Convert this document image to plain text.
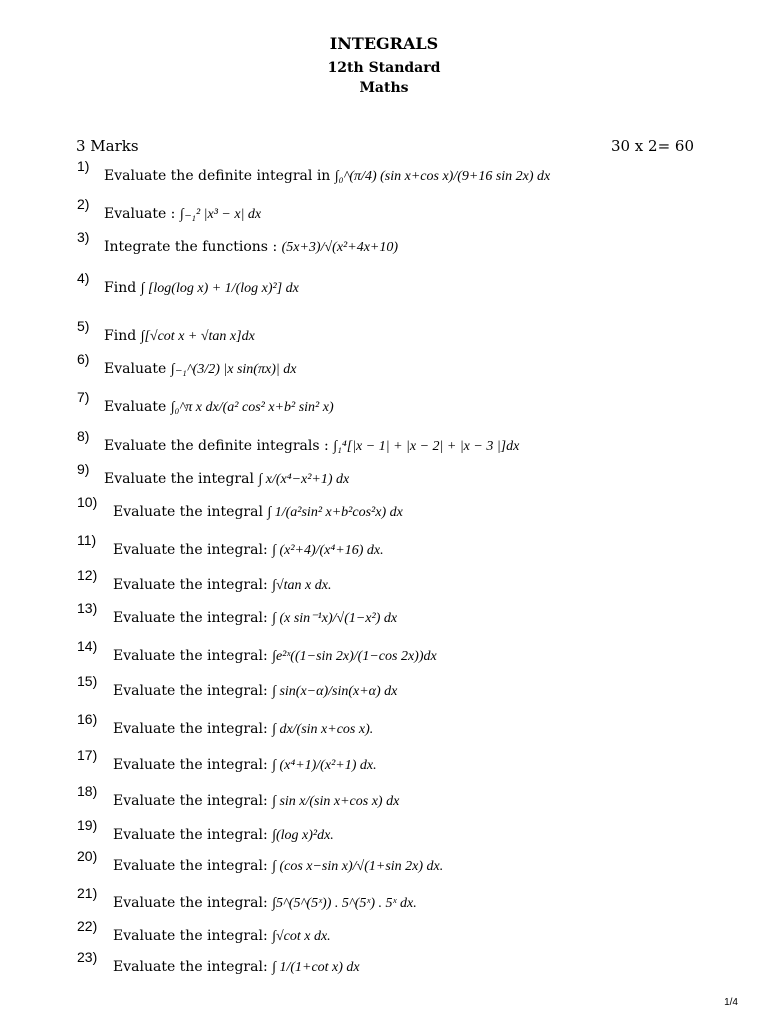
INTEGRALS
12th Standard
Maths
3 Marks	30 x 2= 60
1)
Evaluate the definite integral in ∫₀^(π/4) (sin x+cos x)/(9+16 sin 2x) dx
2)
Evaluate : ∫₋₁² |x³ − x| dx
3)
Integrate the functions : (5x+3)/√(x²+4x+10)
4)
Find ∫ [log(log x) + 1/(log x)²] dx
5)
Find ∫[√cot x + √tan x]dx
6)
Evaluate ∫₋₁^(3/2) |x sin(πx)| dx
7)
Evaluate ∫₀^π x dx/(a² cos² x+b² sin² x)
8)
Evaluate the definite integrals : ∫₁⁴[|x − 1| + |x − 2| + |x − 3 |]dx
9)
Evaluate the integral ∫ x/(x⁴−x²+1) dx
10)
Evaluate the integral ∫ 1/(a²sin² x+b²cos²x) dx
11)
Evaluate the integral: ∫ (x²+4)/(x⁴+16) dx.
12)
Evaluate the integral: ∫√tan x dx.
13)
Evaluate the integral: ∫ (x sin⁻¹x)/√(1−x²) dx
14)
Evaluate the integral: ∫e²ˣ((1−sin 2x)/(1−cos 2x))dx
15)
Evaluate the integral: ∫ sin(x−α)/sin(x+α) dx
16)
Evaluate the integral: ∫ dx/(sin x+cos x).
17)
Evaluate the integral: ∫ (x⁴+1)/(x²+1) dx.
18)
Evaluate the integral: ∫ sin x/(sin x+cos x) dx
19)
Evaluate the integral: ∫(log x)²dx.
20)
Evaluate the integral: ∫ (cos x−sin x)/√(1+sin 2x) dx.
21)
Evaluate the integral: ∫5^(5^(5ˣ)) . 5^(5ˣ) . 5ˣ dx.
22)
Evaluate the integral: ∫√cot x dx.
23)
Evaluate the integral: ∫ 1/(1+cot x) dx
1/4
